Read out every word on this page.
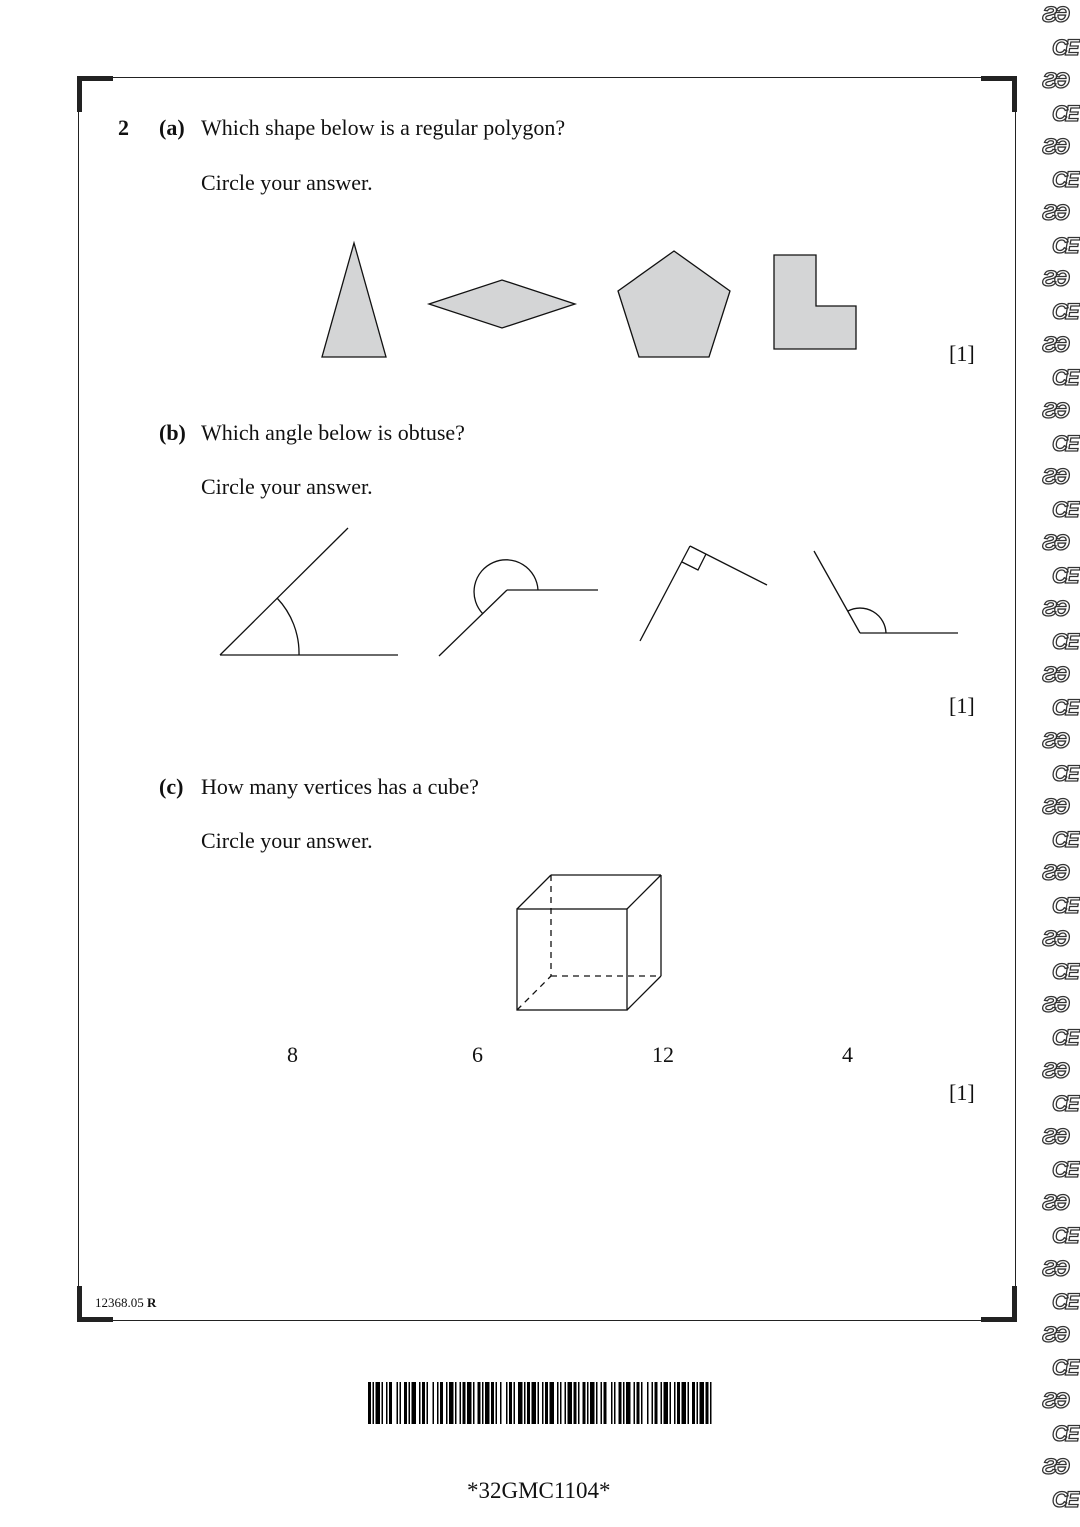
2 (a) Which shape below is a regular polygon?
Circle your answer.
[1]
(b) Which angle below is obtuse?
Circle your answer.
[1]
(c) How many vertices has a cube?
Circle your answer.
8	6	12	4
[1]
12368.05 R
*32GMC1104*
ƧƏ
CE
ƧƏ
CE
ƧƏ
CE
ƧƏ
CE
ƧƏ
CE
ƧƏ
CE
ƧƏ
CE
ƧƏ
CE
ƧƏ
CE
ƧƏ
CE
ƧƏ
CE
ƧƏ
CE
ƧƏ
CE
ƧƏ
CE
ƧƏ
CE
ƧƏ
CE
ƧƏ
CE
ƧƏ
CE
ƧƏ
CE
ƧƏ
CE
ƧƏ
CE
ƧƏ
CE
ƧƏ
CE
